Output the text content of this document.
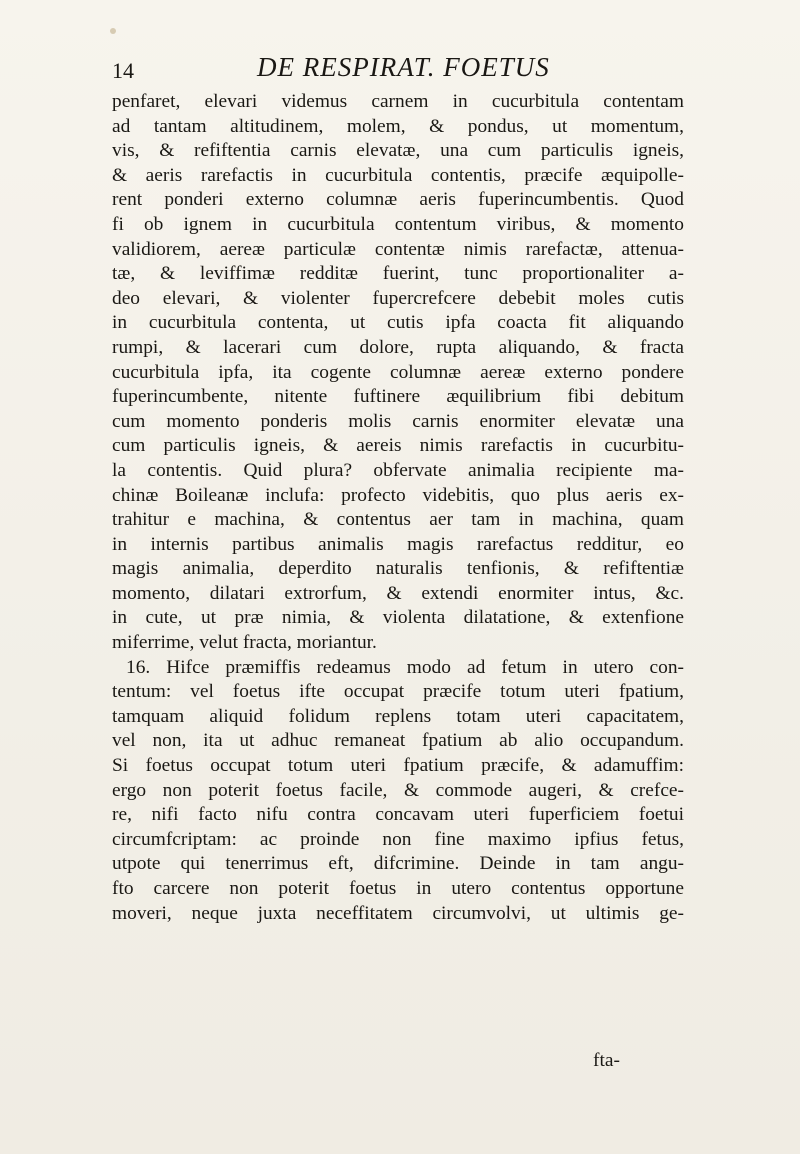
14	DE RESPIRAT. FOETUS
penfaret, elevari videmus carnem in cucurbitula contentam
ad tantam altitudinem, molem, & pondus, ut momentum,
vis, & refiftentia carnis elevatæ, una cum particulis igneis,
& aeris rarefactis in cucurbitula contentis, præcife æquipolle-
rent ponderi externo columnæ aeris fuperincumbentis. Quod
fi ob ignem in cucurbitula contentum viribus, & momento
validiorem, aereæ particulæ contentæ nimis rarefactæ, attenua-
tæ, & leviffimæ redditæ fuerint, tunc proportionaliter a-
deo elevari, & violenter fupercrefcere debebit moles cutis
in cucurbitula contenta, ut cutis ipfa coacta fit aliquando
rumpi, & lacerari cum dolore, rupta aliquando, & fracta
cucurbitula ipfa, ita cogente columnæ aereæ externo pondere
fuperincumbente, nitente fuftinere æquilibrium fibi debitum
cum momento ponderis molis carnis enormiter elevatæ una
cum particulis igneis, & aereis nimis rarefactis in cucurbitu-
la contentis. Quid plura? obfervate animalia recipiente ma-
chinæ Boileanæ inclufa: profecto videbitis, quo plus aeris ex-
trahitur e machina, & contentus aer tam in machina, quam
in internis partibus animalis magis rarefactus redditur, eo
magis animalia, deperdito naturalis tenfionis, & refiftentiæ
momento, dilatari extrorfum, & extendi enormiter intus, &c.
in cute, ut præ nimia, & violenta dilatatione, & extenfione
miferrime, velut fracta, moriantur.
16. Hifce præmiffis redeamus modo ad fetum in utero con-
tentum: vel foetus ifte occupat præcife totum uteri fpatium,
tamquam aliquid folidum replens totam uteri capacitatem,
vel non, ita ut adhuc remaneat fpatium ab alio occupandum.
Si foetus occupat totum uteri fpatium præcife, & adamuffim:
ergo non poterit foetus facile, & commode augeri, & crefce-
re, nifi facto nifu contra concavam uteri fuperficiem foetui
circumfcriptam: ac proinde non fine maximo ipfius fetus,
utpote qui tenerrimus eft, difcrimine. Deinde in tam angu-
fto carcere non poterit foetus in utero contentus opportune
moveri, neque juxta neceffitatem circumvolvi, ut ultimis ge-
fta-
